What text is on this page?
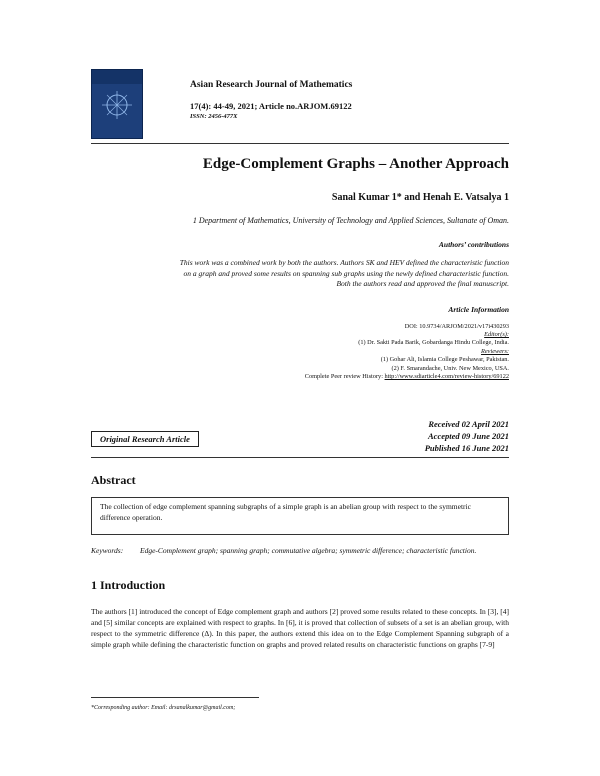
Asian Research Journal of Mathematics
17(4): 44-49, 2021; Article no.ARJOM.69122
ISSN: 2456-477X
Edge-Complement Graphs – Another Approach
Sanal Kumar 1* and Henah E. Vatsalya 1
1 Department of Mathematics, University of Technology and Applied Sciences, Sultanate of Oman.
Authors’ contributions
This work was a combined work by both the authors. Authors SK and HEV defined the characteristic function
on a graph and proved some results on spanning sub graphs using the newly defined characteristic function.
Both the authors read and approved the final manuscript.
Article Information
DOI: 10.9734/ARJOM/2021/v17i430293
Editor(s):
(1) Dr. Sakti Pada Barik, Gobardanga Hindu College, India.
Reviewers:
(1) Gohar Ali, Islamia College Peshawar, Pakistan.
(2) F. Smarandache, Univ. New Mexico, USA.
Complete Peer review History: http://www.sdiarticle4.com/review-history/69122
Received 02 April 2021
Accepted 09 June 2021
Published 16 June 2021
Original Research Article
Abstract
The collection of edge complement spanning subgraphs of a simple graph is an abelian group with respect to the symmetric difference operation.
Keywords: Edge-Complement graph; spanning graph; commutative algebra; symmetric difference; characteristic function.
1 Introduction
The authors [1] introduced the concept of Edge complement graph and authors [2] proved some results related to these concepts. In [3], [4] and [5] similar concepts are explained with respect to graphs. In [6], it is proved that collection of subsets of a set is an abelian group, with respect to the symmetric difference (Δ). In this paper, the authors extend this idea on to the Edge Complement Spanning subgraph of a simple graph while defining the characteristic function on graphs and proved related results on characteristic functions on graphs [7-9]
*Corresponding author: Email: drsanalkumar@gmail.com;
